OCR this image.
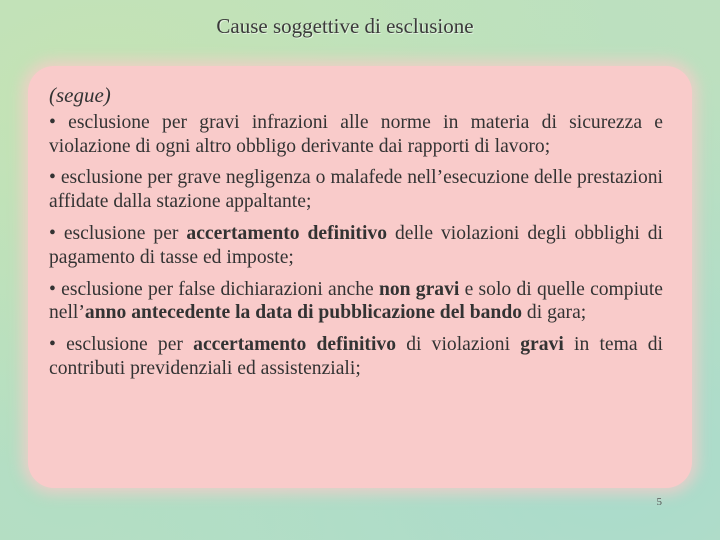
Cause soggettive di esclusione
(segue)
• esclusione per gravi infrazioni alle norme in materia di sicurezza e violazione di ogni altro obbligo derivante dai rapporti di lavoro;
• esclusione per grave negligenza o malafede nell’esecuzione delle prestazioni affidate dalla stazione appaltante;
• esclusione per accertamento definitivo delle violazioni degli obblighi di pagamento di tasse ed imposte;
• esclusione per false dichiarazioni anche non gravi e solo di quelle compiute nell’anno antecedente la data di pubblicazione del bando di gara;
• esclusione per accertamento definitivo di violazioni gravi in tema di contributi previdenziali ed assistenziali;
5
